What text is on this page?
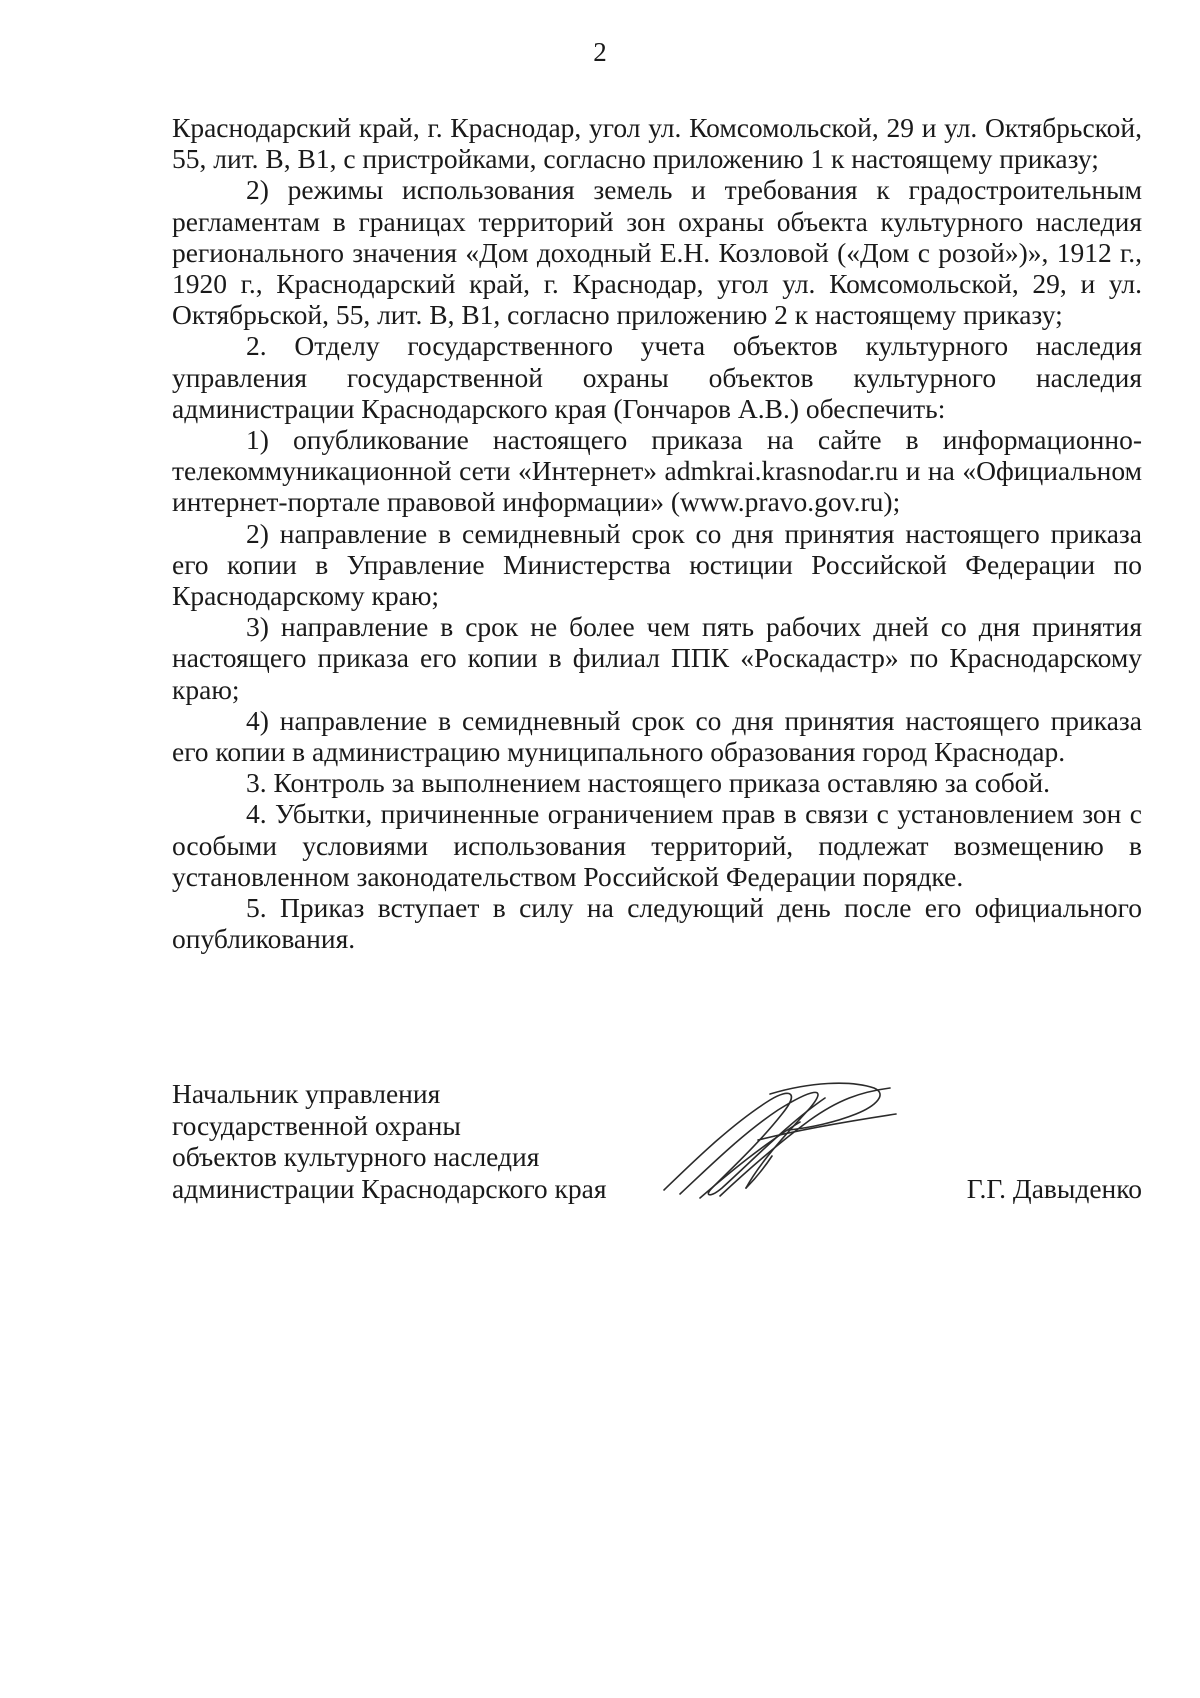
2

Краснодарский край, г. Краснодар, угол ул. Комсомольской, 29 и ул. Октябрьской, 55, лит. В, В1, с пристройками, согласно приложению 1 к настоящему приказу;

2) режимы использования земель и требования к градостроительным регламентам в границах территорий зон охраны объекта культурного наследия регионального значения «Дом доходный Е.Н. Козловой («Дом с розой»)», 1912 г., 1920 г., Краснодарский край, г. Краснодар, угол ул. Комсомольской, 29, и ул. Октябрьской, 55, лит. В, В1, согласно приложению 2 к настоящему приказу;

2. Отделу государственного учета объектов культурного наследия управления государственной охраны объектов культурного наследия администрации Краснодарского края (Гончаров А.В.) обеспечить:

1) опубликование настоящего приказа на сайте в информационно-телекоммуникационной сети «Интернет» admkrai.krasnodar.ru и на «Официальном интернет-портале правовой информации» (www.pravo.gov.ru);

2) направление в семидневный срок со дня принятия настоящего приказа его копии в Управление Министерства юстиции Российской Федерации по Краснодарскому краю;

3) направление в срок не более чем пять рабочих дней со дня принятия настоящего приказа его копии в филиал ППК «Роскадастр» по Краснодарскому краю;

4) направление в семидневный срок со дня принятия настоящего приказа его копии в администрацию муниципального образования город Краснодар.

3. Контроль за выполнением настоящего приказа оставляю за собой.

4. Убытки, причиненные ограничением прав в связи с установлением зон с особыми условиями использования территорий, подлежат возмещению в установленном законодательством Российской Федерации порядке.

5. Приказ вступает в силу на следующий день после его официального опубликования.

Начальник управления
государственной охраны
объектов культурного наследия
администрации Краснодарского края	Г.Г. Давыденко
